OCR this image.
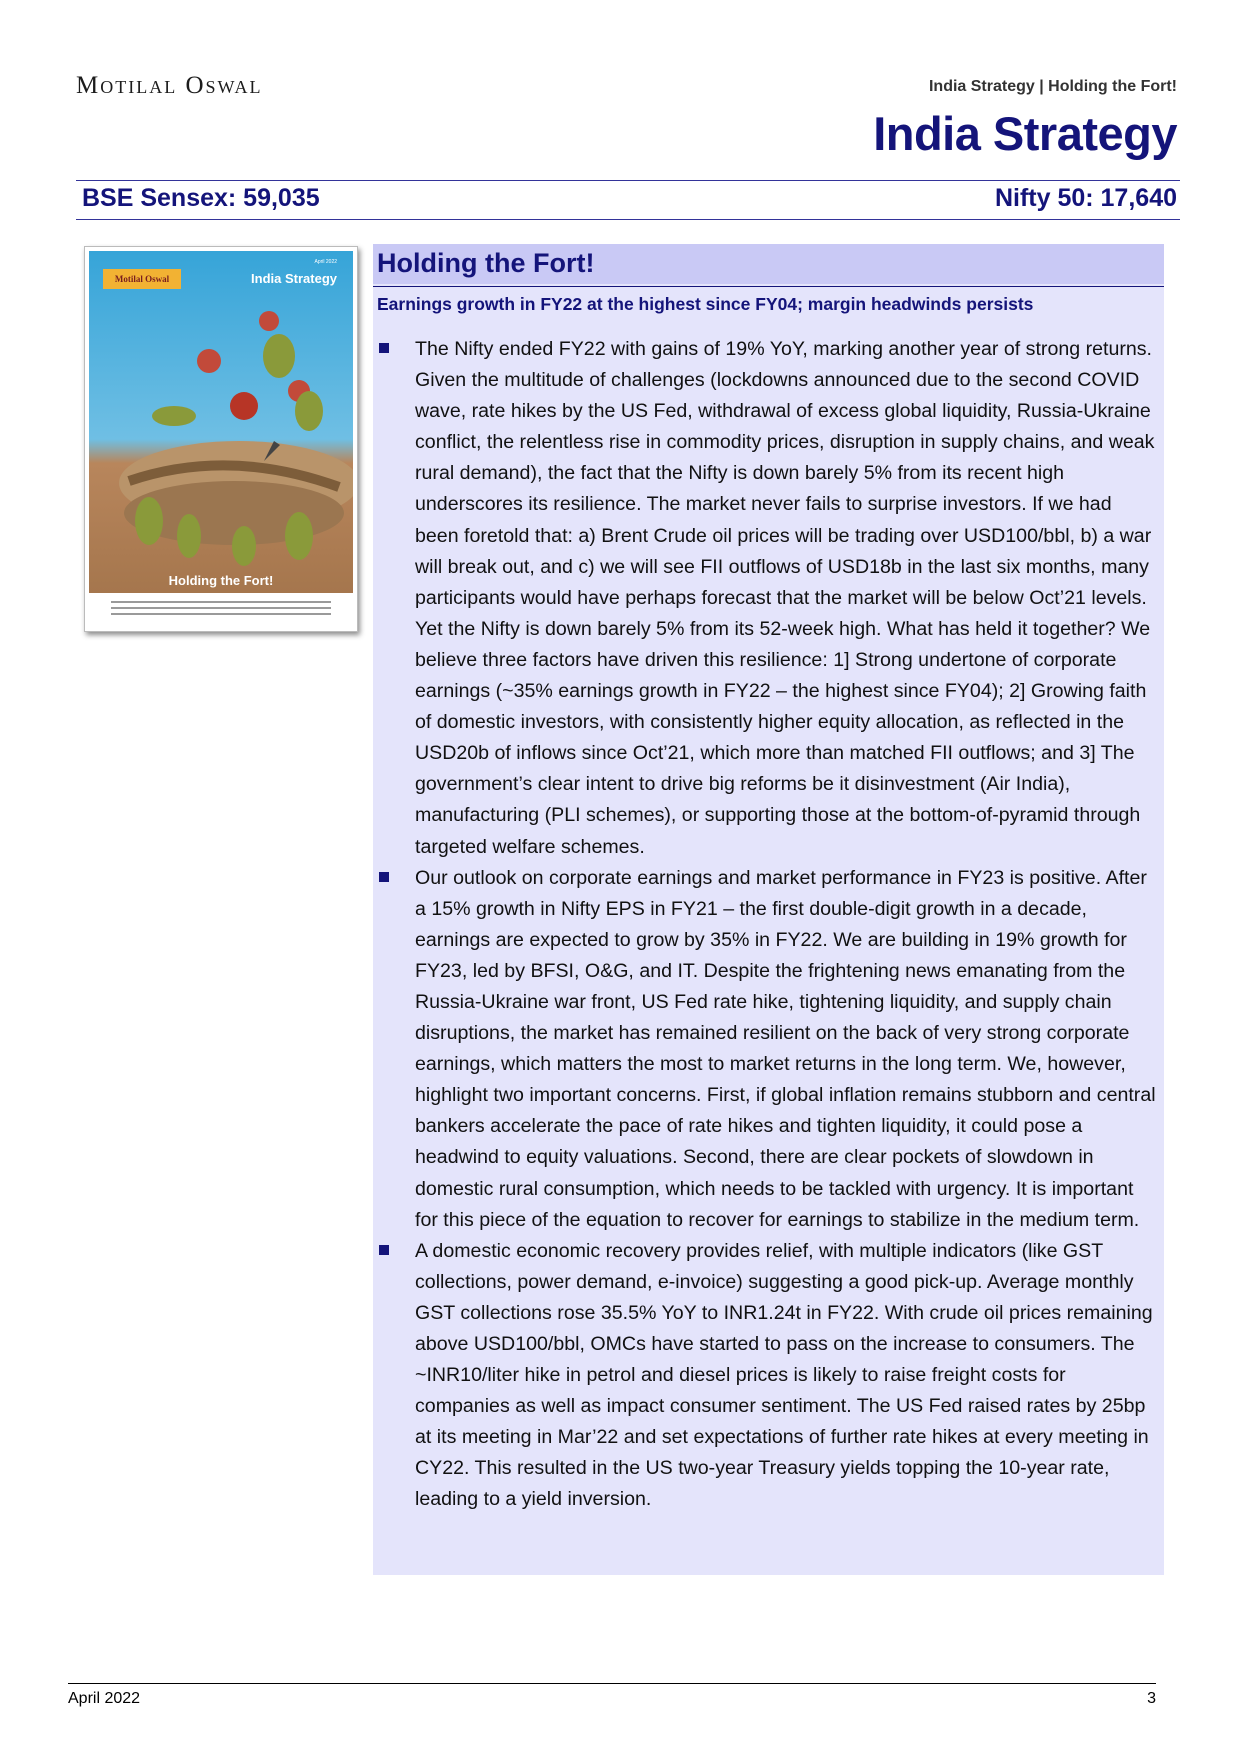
Motilal Oswal	India Strategy | Holding the Fort!
India Strategy
BSE Sensex: 59,035	Nifty 50: 17,640
Motilal Oswal
April 2022
India Strategy
Holding the Fort!
Holding the Fort!
Earnings growth in FY22 at the highest since FY04; margin headwinds persists
The Nifty ended FY22 with gains of 19% YoY, marking another year of strong returns. Given the multitude of challenges (lockdowns announced due to the second COVID wave, rate hikes by the US Fed, withdrawal of excess global liquidity, Russia-Ukraine conflict, the relentless rise in commodity prices, disruption in supply chains, and weak rural demand), the fact that the Nifty is down barely 5% from its recent high underscores its resilience. The market never fails to surprise investors. If we had been foretold that: a) Brent Crude oil prices will be trading over USD100/bbl, b) a war will break out, and c) we will see FII outflows of USD18b in the last six months, many participants would have perhaps forecast that the market will be below Oct’21 levels. Yet the Nifty is down barely 5% from its 52-week high. What has held it together? We believe three factors have driven this resilience: 1] Strong undertone of corporate earnings (~35% earnings growth in FY22 – the highest since FY04); 2] Growing faith of domestic investors, with consistently higher equity allocation, as reflected in the USD20b of inflows since Oct’21, which more than matched FII outflows; and 3] The government’s clear intent to drive big reforms be it disinvestment (Air India), manufacturing (PLI schemes), or supporting those at the bottom-of-pyramid through targeted welfare schemes.
Our outlook on corporate earnings and market performance in FY23 is positive. After a 15% growth in Nifty EPS in FY21 – the first double-digit growth in a decade, earnings are expected to grow by 35% in FY22. We are building in 19% growth for FY23, led by BFSI, O&G, and IT. Despite the frightening news emanating from the Russia-Ukraine war front, US Fed rate hike, tightening liquidity, and supply chain disruptions, the market has remained resilient on the back of very strong corporate earnings, which matters the most to market returns in the long term. We, however, highlight two important concerns. First, if global inflation remains stubborn and central bankers accelerate the pace of rate hikes and tighten liquidity, it could pose a headwind to equity valuations. Second, there are clear pockets of slowdown in domestic rural consumption, which needs to be tackled with urgency. It is important for this piece of the equation to recover for earnings to stabilize in the medium term.
A domestic economic recovery provides relief, with multiple indicators (like GST collections, power demand, e-invoice) suggesting a good pick-up. Average monthly GST collections rose 35.5% YoY to INR1.24t in FY22. With crude oil prices remaining above USD100/bbl, OMCs have started to pass on the increase to consumers. The ~INR10/liter hike in petrol and diesel prices is likely to raise freight costs for companies as well as impact consumer sentiment. The US Fed raised rates by 25bp at its meeting in Mar’22 and set expectations of further rate hikes at every meeting in CY22. This resulted in the US two-year Treasury yields topping the 10-year rate, leading to a yield inversion.
April 2022	3
